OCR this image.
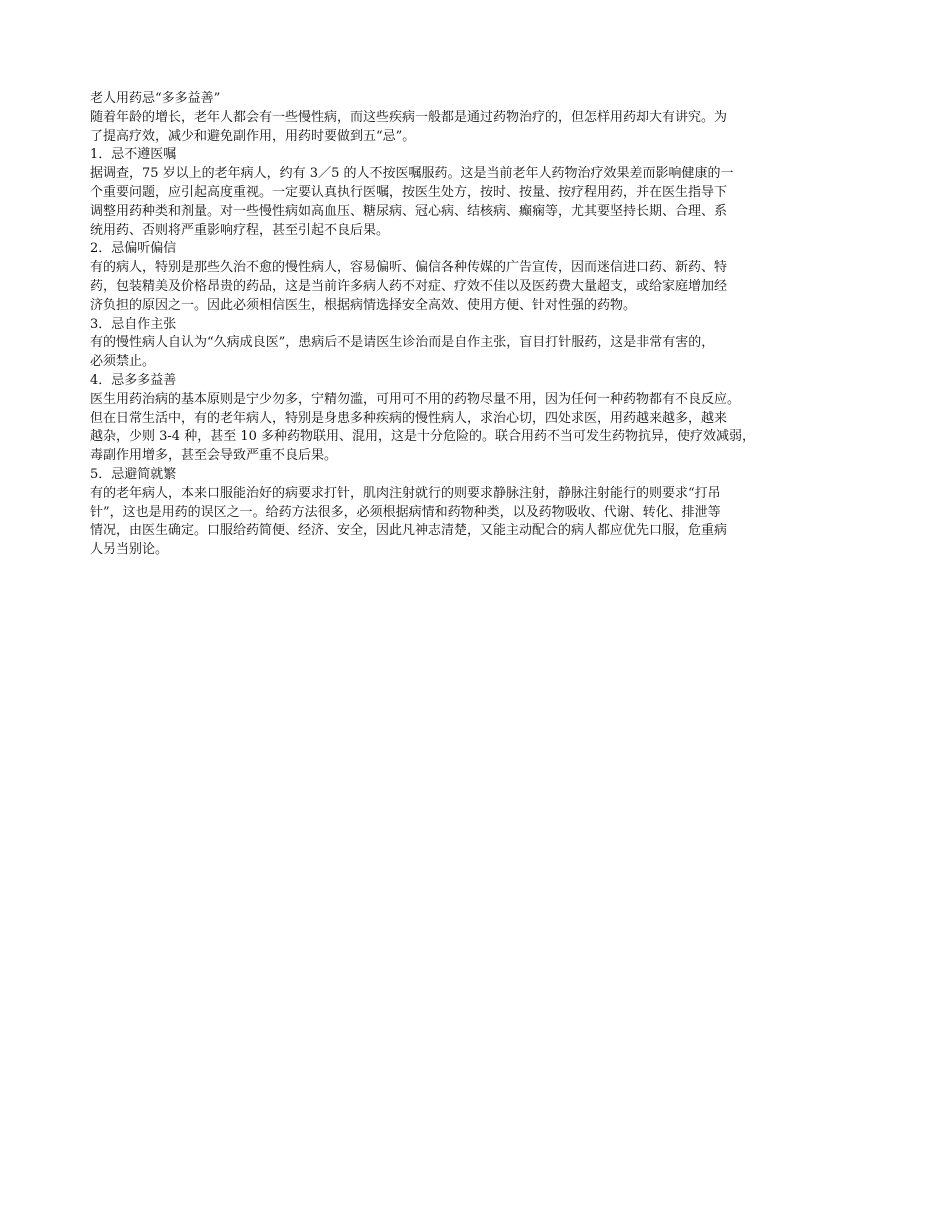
老人用药忌“多多益善”
随着年龄的增长，老年人都会有一些慢性病，而这些疾病一般都是通过药物治疗的，但怎样用药却大有讲究。为
了提高疗效，减少和避免副作用，用药时要做到五“忌”。
1．忌不遵医嘱
据调查，75 岁以上的老年病人，约有 3／5 的人不按医嘱服药。这是当前老年人药物治疗效果差而影响健康的一
个重要问题，应引起高度重视。一定要认真执行医嘱，按医生处方，按时、按量、按疗程用药，并在医生指导下
调整用药种类和剂量。对一些慢性病如高血压、糖尿病、冠心病、结核病、癫痫等，尤其要坚持长期、合理、系
统用药、否则将严重影响疗程，甚至引起不良后果。
2．忌偏听偏信
有的病人，特别是那些久治不愈的慢性病人，容易偏听、偏信各种传媒的广告宣传，因而迷信进口药、新药、特
药，包装精美及价格昂贵的药品，这是当前许多病人药不对症、疗效不佳以及医药费大量超支，或给家庭增加经
济负担的原因之一。因此必须相信医生，根据病情选择安全高效、使用方便、针对性强的药物。
3．忌自作主张
有的慢性病人自认为“久病成良医”，患病后不是请医生诊治而是自作主张，盲目打针服药，这是非常有害的，
必须禁止。
4．忌多多益善
医生用药治病的基本原则是宁少勿多，宁精勿滥，可用可不用的药物尽量不用，因为任何一种药物都有不良反应。
但在日常生活中，有的老年病人，特别是身患多种疾病的慢性病人，求治心切，四处求医，用药越来越多，越来
越杂，少则 3-4 种，甚至 10 多种药物联用、混用，这是十分危险的。联合用药不当可发生药物抗异，使疗效减弱，
毒副作用增多，甚至会导致严重不良后果。
5．忌避简就繁
有的老年病人，本来口服能治好的病要求打针，肌肉注射就行的则要求静脉注射，静脉注射能行的则要求“打吊
针”，这也是用药的误区之一。给药方法很多，必须根据病情和药物种类，以及药物吸收、代谢、转化、排泄等
情况，由医生确定。口服给药简便、经济、安全，因此凡神志清楚，又能主动配合的病人都应优先口服，危重病
人另当别论。
